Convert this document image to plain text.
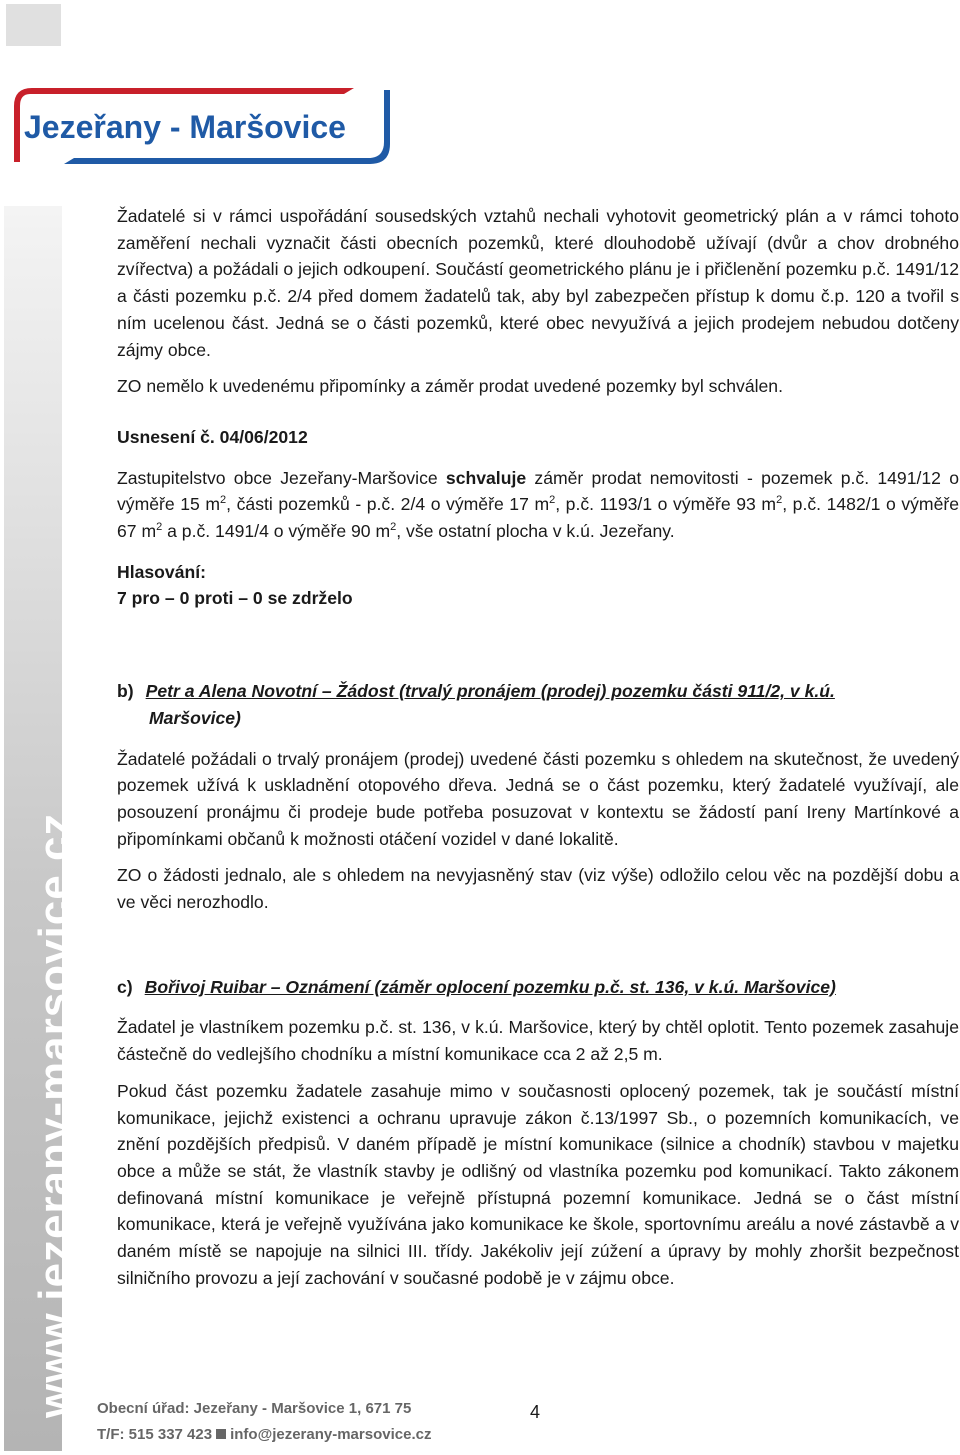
Jezeřany - Maršovice
www.jezerany-marsovice.cz

Žadatelé si v rámci uspořádání sousedských vztahů nechali vyhotovit geometrický plán a v rámci tohoto zaměření nechali vyznačit části obecních pozemků, které dlouhodobě užívají (dvůr a chov drobného zvířectva) a požádali o jejich odkoupení. Součástí geometrického plánu je i přičlenění pozemku p.č. 1491/12 a části pozemku p.č. 2/4 před domem žadatelů tak, aby byl zabezpečen přístup k domu č.p. 120 a tvořil s ním ucelenou část. Jedná se o části pozemků, které obec nevyužívá a jejich prodejem nebudou dotčeny zájmy obce.

ZO nemělo k uvedenému připomínky a záměr prodat uvedené pozemky byl schválen.

Usnesení č. 04/06/2012

Zastupitelstvo obce Jezeřany-Maršovice schvaluje záměr prodat nemovitosti - pozemek p.č. 1491/12 o výměře 15 $m^2$, části pozemků - p.č. 2/4 o výměře 17 $m^2$, p.č. 1193/1 o výměře 93 $m^2$, p.č. 1482/1 o výměře 67 $m^2$ a p.č. 1491/4 o výměře 90 $m^2$, vše ostatní plocha v k.ú. Jezeřany.

Hlasování:

7 pro – 0 proti – 0 se zdrželo

b) Petr a Alena Novotní – Žádost (trvalý pronájem (prodej) pozemku části 911/2, v k.ú.
Maršovice)

Žadatelé požádali o trvalý pronájem (prodej) uvedené části pozemku s ohledem na skutečnost, že uvedený pozemek užívá k uskladnění otopového dřeva. Jedná se o část pozemku, který žadatelé využívají, ale posouzení pronájmu či prodeje bude potřeba posuzovat v kontextu se žádostí paní Ireny Martínkové a připomínkami občanů k možnosti otáčení vozidel v dané lokalitě.

ZO o žádosti jednalo, ale s ohledem na nevyjasněný stav (viz výše) odložilo celou věc na pozdější dobu a ve věci nerozhodlo.

c) Bořivoj Ruibar – Oznámení (záměr oplocení pozemku p.č. st. 136, v k.ú. Maršovice)

Žadatel je vlastníkem pozemku p.č. st. 136, v k.ú. Maršovice, který by chtěl oplotit. Tento pozemek zasahuje částečně do vedlejšího chodníku a místní komunikace cca 2 až 2,5 m.

Pokud část pozemku žadatele zasahuje mimo v současnosti oplocený pozemek, tak je součástí místní komunikace, jejichž existenci a ochranu upravuje zákon č.13/1997 Sb., o pozemních komunikacích, ve znění pozdějších předpisů. V daném případě je místní komunikace (silnice a chodník) stavbou v majetku obce a může se stát, že vlastník stavby je odlišný od vlastníka pozemku pod komunikací. Takto zákonem definovaná místní komunikace je veřejně přístupná pozemní komunikace. Jedná se o část místní komunikace, která je veřejně využívána jako komunikace ke škole, sportovnímu areálu a nové zástavbě a v daném místě se napojuje na silnici III. třídy. Jakékoliv její zúžení a úpravy by mohly zhoršit bezpečnost silničního provozu a její zachování v současné podobě je v zájmu obce.

Obecní úřad: Jezeřany - Maršovice 1, 671 75
T/F: 515 337 423 info@jezerany-marsovice.cz
4
